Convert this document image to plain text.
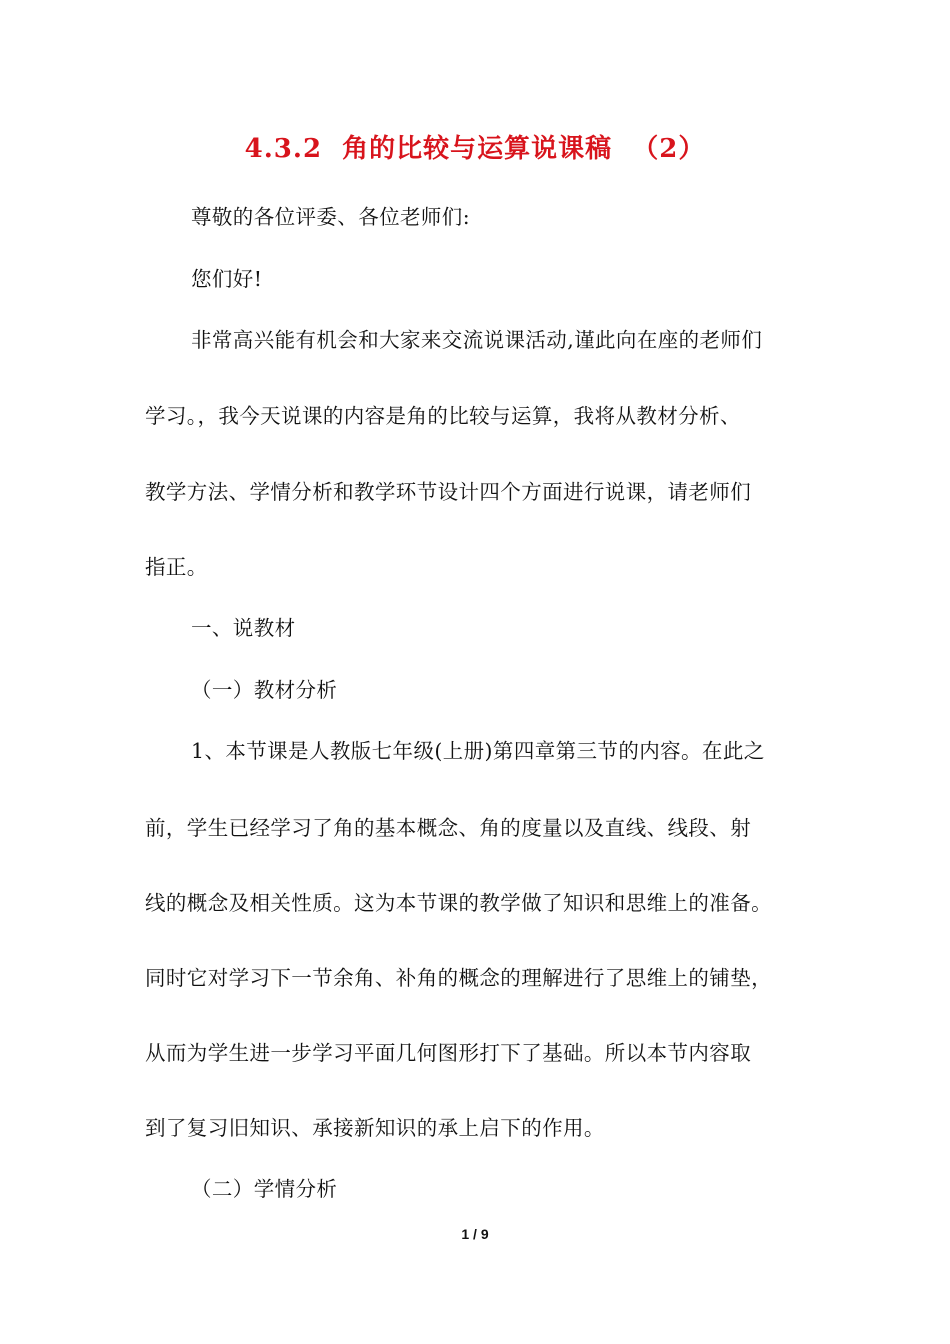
4.3.2  角的比较与运算说课稿  （2）
尊敬的各位评委、各位老师们:
您们好!
非常高兴能有机会和大家来交流说课活动,谨此向在座的老师们
学习。，我今天说课的内容是角的比较与运算，我将从教材分析、
教学方法、学情分析和教学环节设计四个方面进行说课，请老师们
指正。
一、说教材
（一）教材分析
1、本节课是人教版七年级(上册)第四章第三节的内容。在此之
前，学生已经学习了角的基本概念、角的度量以及直线、线段、射
线的概念及相关性质。这为本节课的教学做了知识和思维上的准备。
同时它对学习下一节余角、补角的概念的理解进行了思维上的铺垫，
从而为学生进一步学习平面几何图形打下了基础。所以本节内容取
到了复习旧知识、承接新知识的承上启下的作用。
（二）学情分析
1 / 9
